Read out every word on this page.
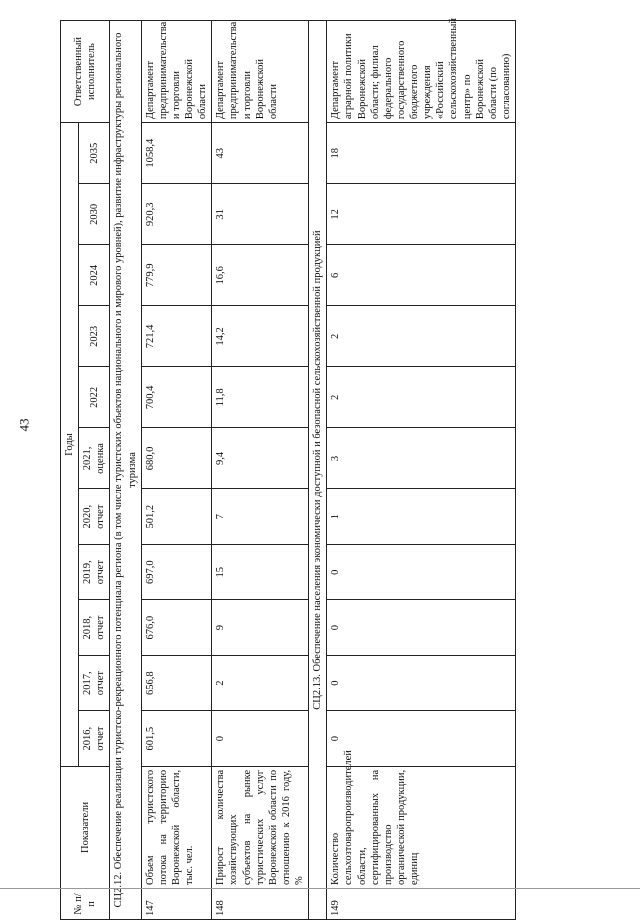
43
№ п/п	Показатели	Годы											Ответственный исполнитель
		2016, отчет	2017, отчет	2018, отчет	2019, отчет	2020, отчет	2021, оценка	2022	2023	2024	2030	2035	
СЦ2.12. Обеспечение реализации туристско-рекреационного потенциала региона (в том числе туристских объектов национального и мирового уровней), развитие инфраструктуры регионального туризма													
147	Объем туристского потока на территорию Воронежской области, тыс. чел.	601,5	656,8	676,0	697,0	501,2	680,0	700,4	721,4	779,9	920,3	1058,4	Департамент предпринимательства и торговли Воронежской области
148	Прирост количества хозяйствующих субъектов на рынке туристических услуг Воронежской области по отношению к 2016 году, %	0	2	9	15	7	9,4	11,8	14,2	16,6	31	43	Департамент предпринимательства и торговли Воронежской области
СЦ2.13. Обеспечение населения экономически доступной и безопасной сельскохозяйственной продукцией													
149	Количество сельхозтоваропроизводителей области, сертифицированных на производство органической продукции, единиц	0	0	0	0	1	3	2	2	6	12	18	Департамент аграрной политики Воронежской области; филиал федерального государственного бюджетного учреждения «Российский сельскохозяйственный центр» по Воронежской области (по согласованию)
